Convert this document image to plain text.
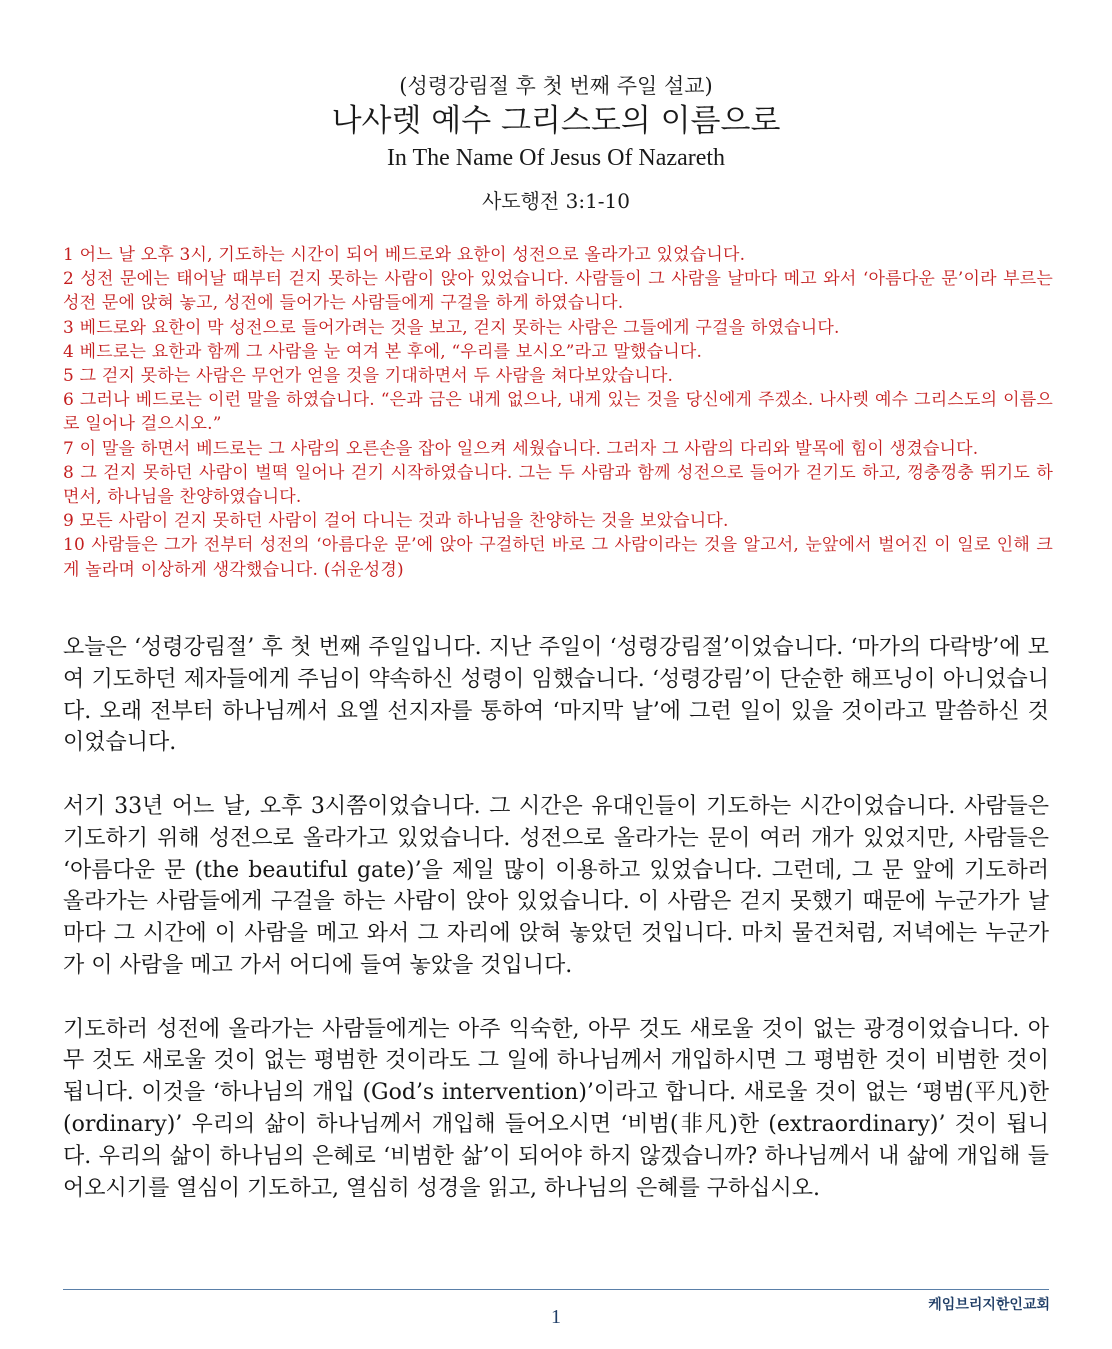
(성령강림절 후 첫 번째 주일 설교)
나사렛 예수 그리스도의 이름으로
In The Name Of Jesus Of Nazareth
사도행전 3:1-10

1 어느 날 오후 3시, 기도하는 시간이 되어 베드로와 요한이 성전으로 올라가고 있었습니다.

2 성전 문에는 태어날 때부터 걷지 못하는 사람이 앉아 있었습니다. 사람들이 그 사람을 날마다 메고 와서 ‘아름다운 문’이라 부르는 성전 문에 앉혀 놓고, 성전에 들어가는 사람들에게 구걸을 하게 하였습니다.

3 베드로와 요한이 막 성전으로 들어가려는 것을 보고, 걷지 못하는 사람은 그들에게 구걸을 하였습니다.

4 베드로는 요한과 함께 그 사람을 눈 여겨 본 후에, “우리를 보시오”라고 말했습니다.

5 그 걷지 못하는 사람은 무언가 얻을 것을 기대하면서 두 사람을 쳐다보았습니다.

6 그러나 베드로는 이런 말을 하였습니다. “은과 금은 내게 없으나, 내게 있는 것을 당신에게 주겠소. 나사렛 예수 그리스도의 이름으로 일어나 걸으시오.”

7 이 말을 하면서 베드로는 그 사람의 오른손을 잡아 일으켜 세웠습니다. 그러자 그 사람의 다리와 발목에 힘이 생겼습니다.

8 그 걷지 못하던 사람이 벌떡 일어나 걷기 시작하였습니다. 그는 두 사람과 함께 성전으로 들어가 걷기도 하고, 껑충껑충 뛰기도 하면서, 하나님을 찬양하였습니다.

9 모든 사람이 걷지 못하던 사람이 걸어 다니는 것과 하나님을 찬양하는 것을 보았습니다.

10 사람들은 그가 전부터 성전의 ‘아름다운 문’에 앉아 구걸하던 바로 그 사람이라는 것을 알고서, 눈앞에서 벌어진 이 일로 인해 크게 놀라며 이상하게 생각했습니다. (쉬운성경)

오늘은 ‘성령강림절’ 후 첫 번째 주일입니다. 지난 주일이 ‘성령강림절’이었습니다. ‘마가의 다락방’에 모여 기도하던 제자들에게 주님이 약속하신 성령이 임했습니다. ‘성령강림’이 단순한 해프닝이 아니었습니다. 오래 전부터 하나님께서 요엘 선지자를 통하여 ‘마지막 날’에 그런 일이 있을 것이라고 말씀하신 것이었습니다.

서기 33년 어느 날, 오후 3시쯤이었습니다. 그 시간은 유대인들이 기도하는 시간이었습니다. 사람들은 기도하기 위해 성전으로 올라가고 있었습니다. 성전으로 올라가는 문이 여러 개가 있었지만, 사람들은 ‘아름다운 문 (the beautiful gate)’을 제일 많이 이용하고 있었습니다. 그런데, 그 문 앞에 기도하러 올라가는 사람들에게 구걸을 하는 사람이 앉아 있었습니다. 이 사람은 걷지 못했기 때문에 누군가가 날마다 그 시간에 이 사람을 메고 와서 그 자리에 앉혀 놓았던 것입니다. 마치 물건처럼, 저녁에는 누군가가 이 사람을 메고 가서 어디에 들여 놓았을 것입니다.

기도하러 성전에 올라가는 사람들에게는 아주 익숙한, 아무 것도 새로울 것이 없는 광경이었습니다. 아무 것도 새로울 것이 없는 평범한 것이라도 그 일에 하나님께서 개입하시면 그 평범한 것이 비범한 것이 됩니다. 이것을 ‘하나님의 개입 (God’s intervention)’이라고 합니다. 새로울 것이 없는 ‘평범(平凡)한 (ordinary)’ 우리의 삶이 하나님께서 개입해 들어오시면 ‘비범(非凡)한 (extraordinary)’ 것이 됩니다. 우리의 삶이 하나님의 은혜로 ‘비범한 삶’이 되어야 하지 않겠습니까? 하나님께서 내 삶에 개입해 들어오시기를 열심이 기도하고, 열심히 성경을 읽고, 하나님의 은혜를 구하십시오.

케임브리지한인교회
1
